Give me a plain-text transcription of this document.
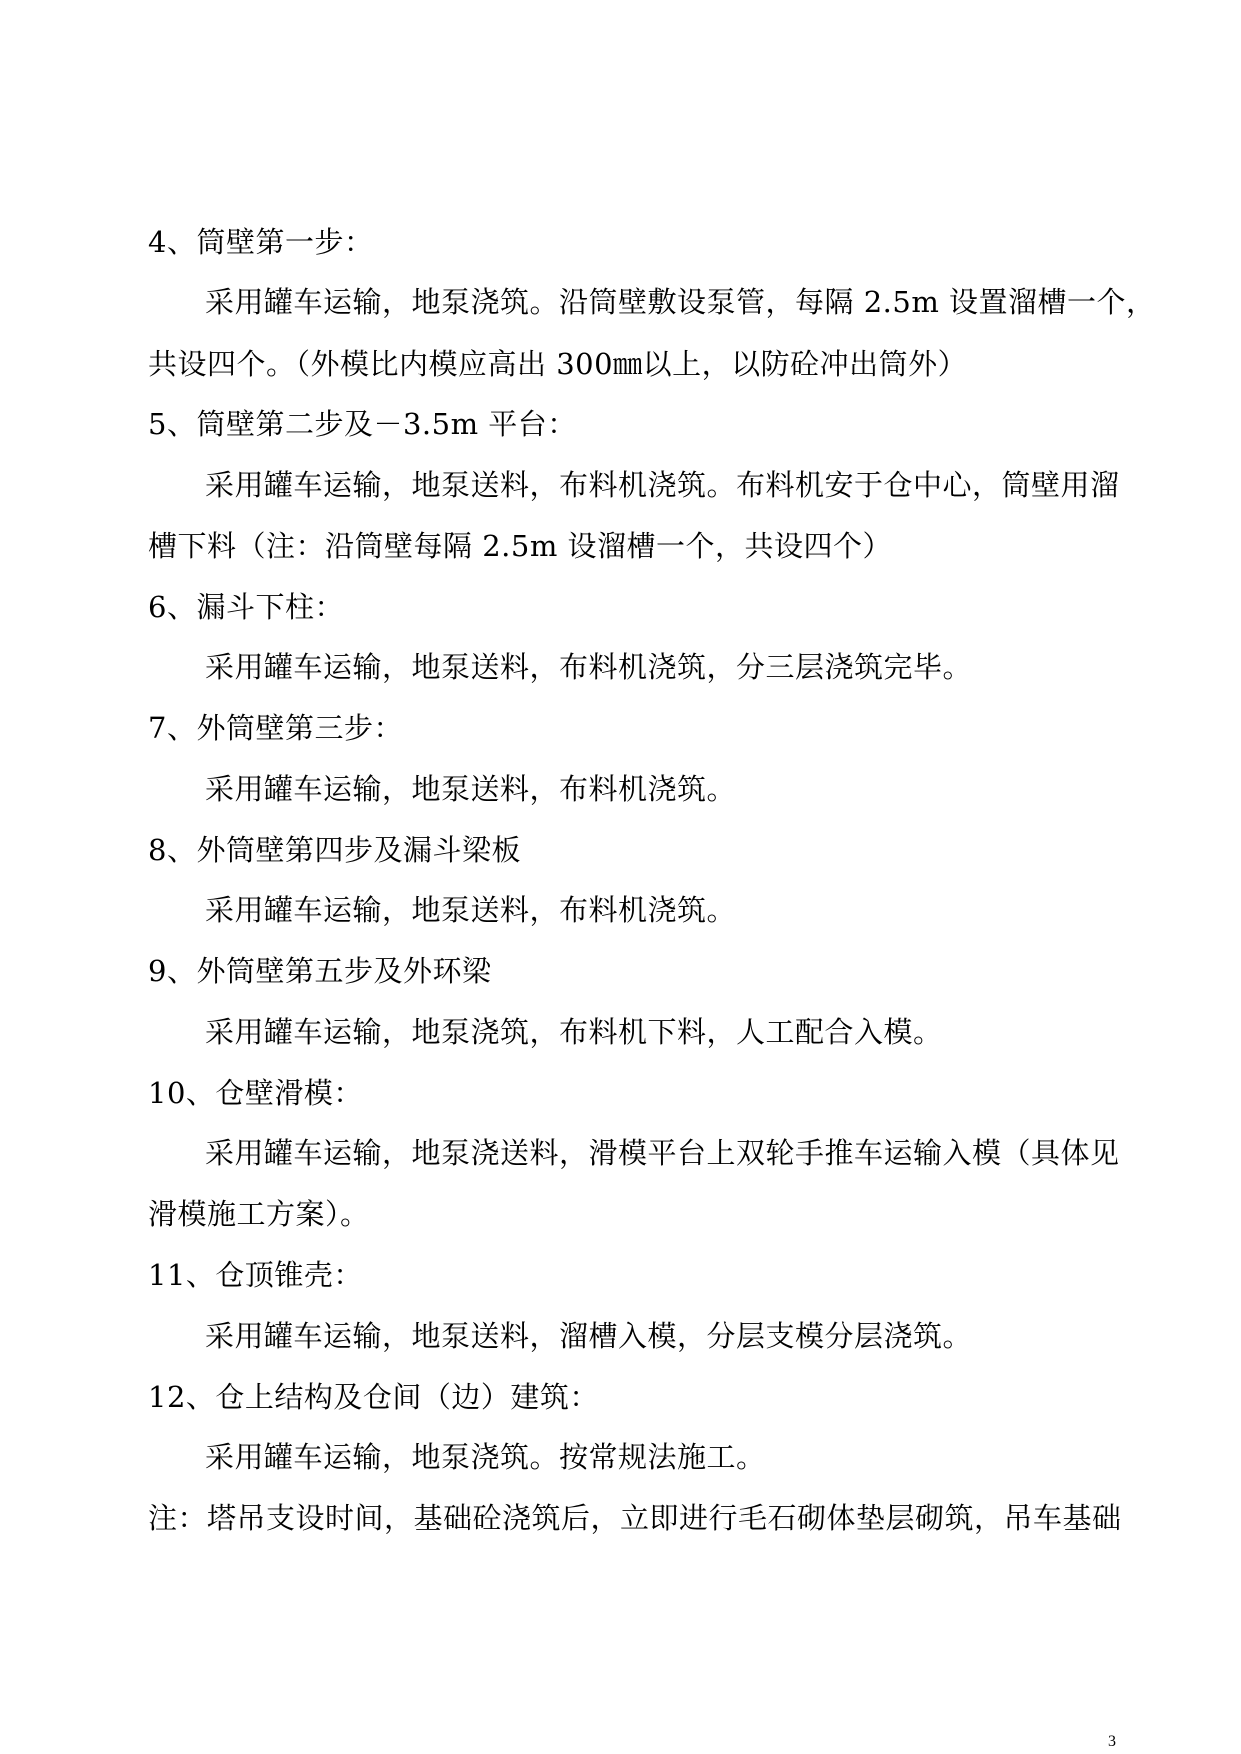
4、筒壁第一步：
采用罐车运输，地泵浇筑。沿筒壁敷设泵管，每隔 2.5m 设置溜槽一个，
共设四个。（外模比内模应高出 300㎜以上，以防砼冲出筒外）
5、筒壁第二步及－3.5m 平台：
采用罐车运输，地泵送料，布料机浇筑。布料机安于仓中心，筒壁用溜
槽下料（注：沿筒壁每隔 2.5m 设溜槽一个，共设四个）
6、漏斗下柱：
采用罐车运输，地泵送料，布料机浇筑，分三层浇筑完毕。
7、外筒壁第三步：
采用罐车运输，地泵送料，布料机浇筑。
8、外筒壁第四步及漏斗梁板
采用罐车运输，地泵送料，布料机浇筑。
9、外筒壁第五步及外环梁
采用罐车运输，地泵浇筑，布料机下料，人工配合入模。
10、仓壁滑模：
采用罐车运输，地泵浇送料，滑模平台上双轮手推车运输入模（具体见
滑模施工方案）。
11、仓顶锥壳：
采用罐车运输，地泵送料，溜槽入模，分层支模分层浇筑。
12、仓上结构及仓间（边）建筑：
采用罐车运输，地泵浇筑。按常规法施工。
注：塔吊支设时间，基础砼浇筑后，立即进行毛石砌体垫层砌筑，吊车基础
3
